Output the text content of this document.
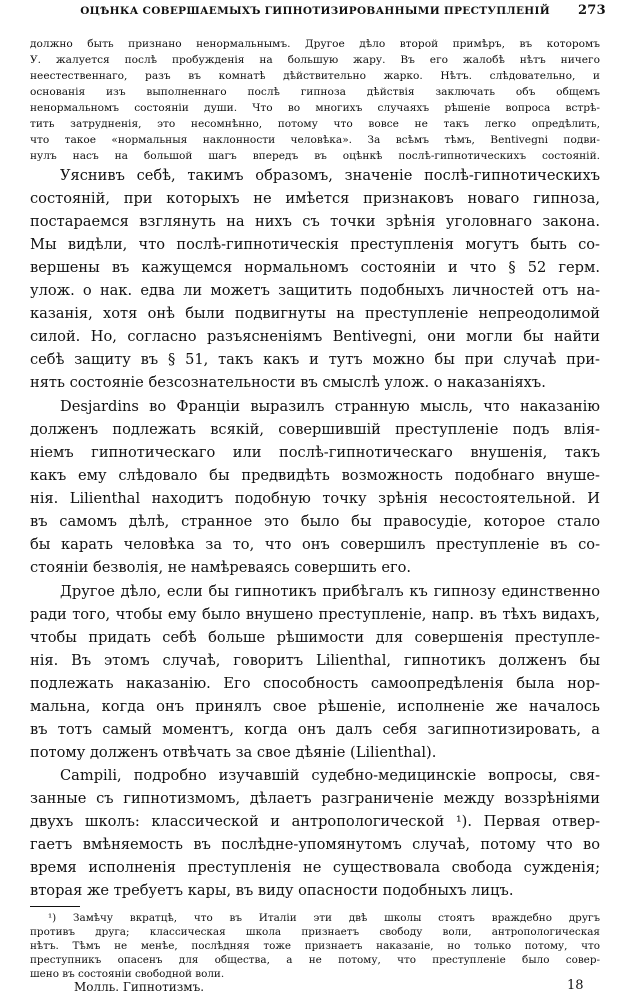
ОЦѢНКА СОВЕРШАЕМЫХЪ ГИПНОТИЗИРОВАННЫМИ ПРЕСТУПЛЕНІЙ 273
должно быть признано ненормальнымъ. Другое дѣло второй примѣръ, въ которомъ
У. жалуется послѣ пробужденія на большую жару. Въ его жалобѣ нѣтъ ничего
неестественнаго, разъ въ комнатѣ дѣйствительно жарко. Нѣтъ. слѣдовательно, и
основанія изъ выполненнаго послѣ гипноза дѣйствія заключать объ общемъ
ненормальномъ состояніи души. Что во многихъ случаяхъ рѣшеніе вопроса встрѣ-
тить затрудненія, это несомнѣнно, потому что вовсе не такъ легко опредѣлить,
что такое «нормальныя наклонности человѣка». За всѣмъ тѣмъ, Bentivegni подви-
нулъ насъ на большой шагъ впередъ въ оцѣнкѣ послѣ-гипнотическихъ состояній.
Уяснивъ себѣ, такимъ образомъ, значеніе послѣ-гипнотическихъ
состояній, при которыхъ не имѣется признаковъ новаго гипноза,
постараемся взглянуть на нихъ съ точки зрѣнія уголовнаго закона.
Мы видѣли, что послѣ-гипнотическія преступленія могутъ быть со-
вершены въ кажущемся нормальномъ состояніи и что § 52 герм.
улож. о нак. едва ли можетъ защитить подобныхъ личностей отъ на-
казанія, хотя онѣ были подвигнуты на преступленіе непреодолимой
силой. Но, согласно разъясненіямъ Bentivegni, они могли бы найти
себѣ защиту въ § 51, такъ какъ и тутъ можно бы при случаѣ при-
нять состояніе безсознательности въ смыслѣ улож. о наказаніяхъ.
Desjardins во Франціи выразилъ странную мысль, что наказанію
долженъ подлежать всякій, совершившій преступленіе подъ влія-
ніемъ гипнотическаго или послѣ-гипнотическаго внушенія, такъ
какъ ему слѣдовало бы предвидѣть возможность подобнаго внуше-
нія. Lilienthal находитъ подобную точку зрѣнія несостоятельной. И
въ самомъ дѣлѣ, странное это было бы правосудіе, которое стало
бы карать человѣка за то, что онъ совершилъ преступленіе въ со-
стояніи безволія, не намѣреваясь совершить его.
Другое дѣло, если бы гипнотикъ прибѣгалъ къ гипнозу единственно
ради того, чтобы ему было внушено преступленіе, напр. въ тѣхъ видахъ,
чтобы придать себѣ больше рѣшимости для совершенія преступле-
нія. Въ этомъ случаѣ, говоритъ Lilienthal, гипнотикъ долженъ бы
подлежать наказанію. Его способность самоопредѣленія была нор-
мальна, когда онъ принялъ свое рѣшеніе, исполненіе же началось
въ тотъ самый моментъ, когда онъ далъ себя загипнотизировать, а
потому долженъ отвѣчать за свое дѣяніе (Lilienthal).
Campili, подробно изучавшій судебно-медицинскіе вопросы, свя-
занные съ гипнотизмомъ, дѣлаетъ разграниченіе между воззрѣніями
двухъ школъ: классической и антропологической ¹). Первая отвер-
гаетъ вмѣняемость въ послѣдне-упомянутомъ случаѣ, потому что во
время исполненія преступленія не существовала свобода сужденія;
вторая же требуетъ кары, въ виду опасности подобныхъ лицъ.
¹) Замѣчу вкратцѣ, что въ Италіи эти двѣ школы стоятъ враждебно другъ
противъ друга; классическая школа признаетъ свободу воли, антропологическая
нѣтъ. Тѣмъ не менѣе, послѣдняя тоже признаетъ наказаніе, но только потому, что
преступникъ опасенъ для общества, а не потому, что преступленіе было совер-
шено въ состояніи свободной воли.
Молль. Гипнотизмъ.	18
